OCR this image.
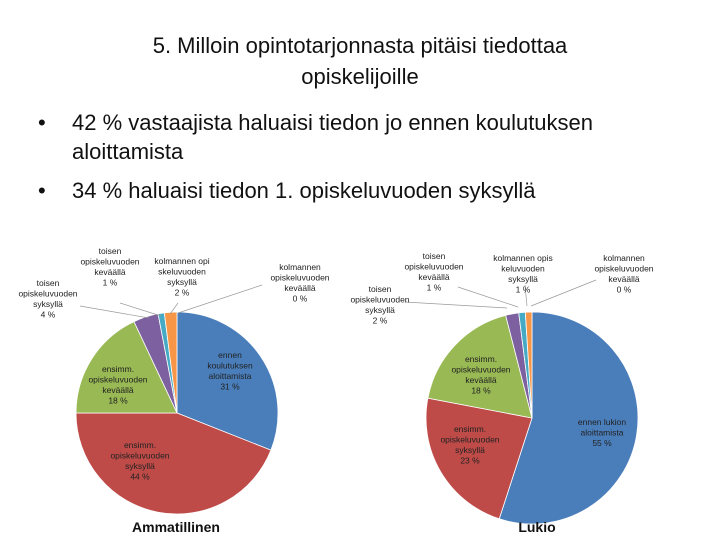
5. Milloin opintotarjonnasta pitäisi tiedottaa
opiskelijoille
• 42 % vastaajista haluaisi tiedon jo ennen koulutuksen aloittamista
• 34 % haluaisi tiedon 1. opiskeluvuoden syksyllä
ennen koulutuksen aloittamista 31 %
ensimm. opiskeluvuoden syksyllä 44 %
ensimm. opiskeluvuoden keväällä 18 %
toisen opiskeluvuoden syksyllä 4 %
toisen opiskeluvuoden keväällä 1 %
kolmannen opi skeluvuoden syksyllä 2 %
kolmannen opiskeluvuoden keväällä 0 %
Ammatillinen
ennen lukion aloittamista 55 %
ensimm. opiskeluvuoden syksyllä 23 %
ensimm. opiskeluvuoden keväällä 18 %
toisen opiskeluvuoden syksyllä 2 %
toisen opiskeluvuoden keväällä 1 %
kolmannen opis keluvuoden syksyllä 1 %
kolmannen opiskeluvuoden keväällä 0 %
Lukio
